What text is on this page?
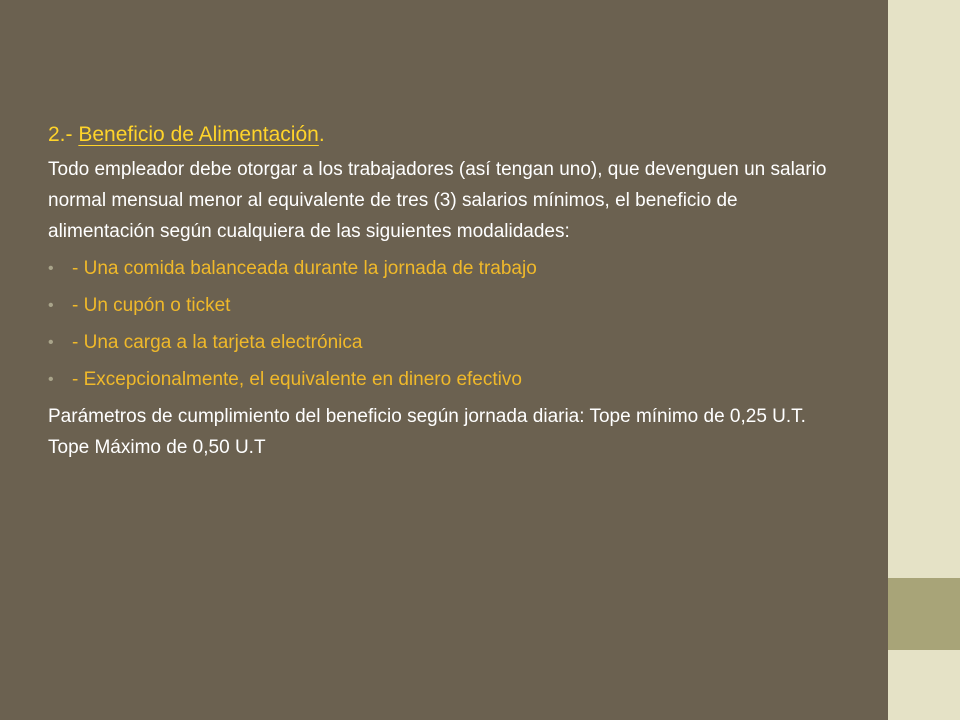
2.- Beneficio de Alimentación.

Todo empleador debe otorgar a los trabajadores (así tengan uno), que devenguen un salario normal mensual menor al equivalente de tres (3) salarios mínimos, el beneficio de alimentación según cualquiera de las siguientes modalidades:

• - Una comida balanceada durante la jornada de trabajo
• - Un cupón o ticket
• - Una carga a la tarjeta electrónica
• - Excepcionalmente, el equivalente en dinero efectivo

Parámetros de cumplimiento del beneficio según jornada diaria: Tope mínimo de 0,25 U.T. Tope Máximo de 0,50 U.T
